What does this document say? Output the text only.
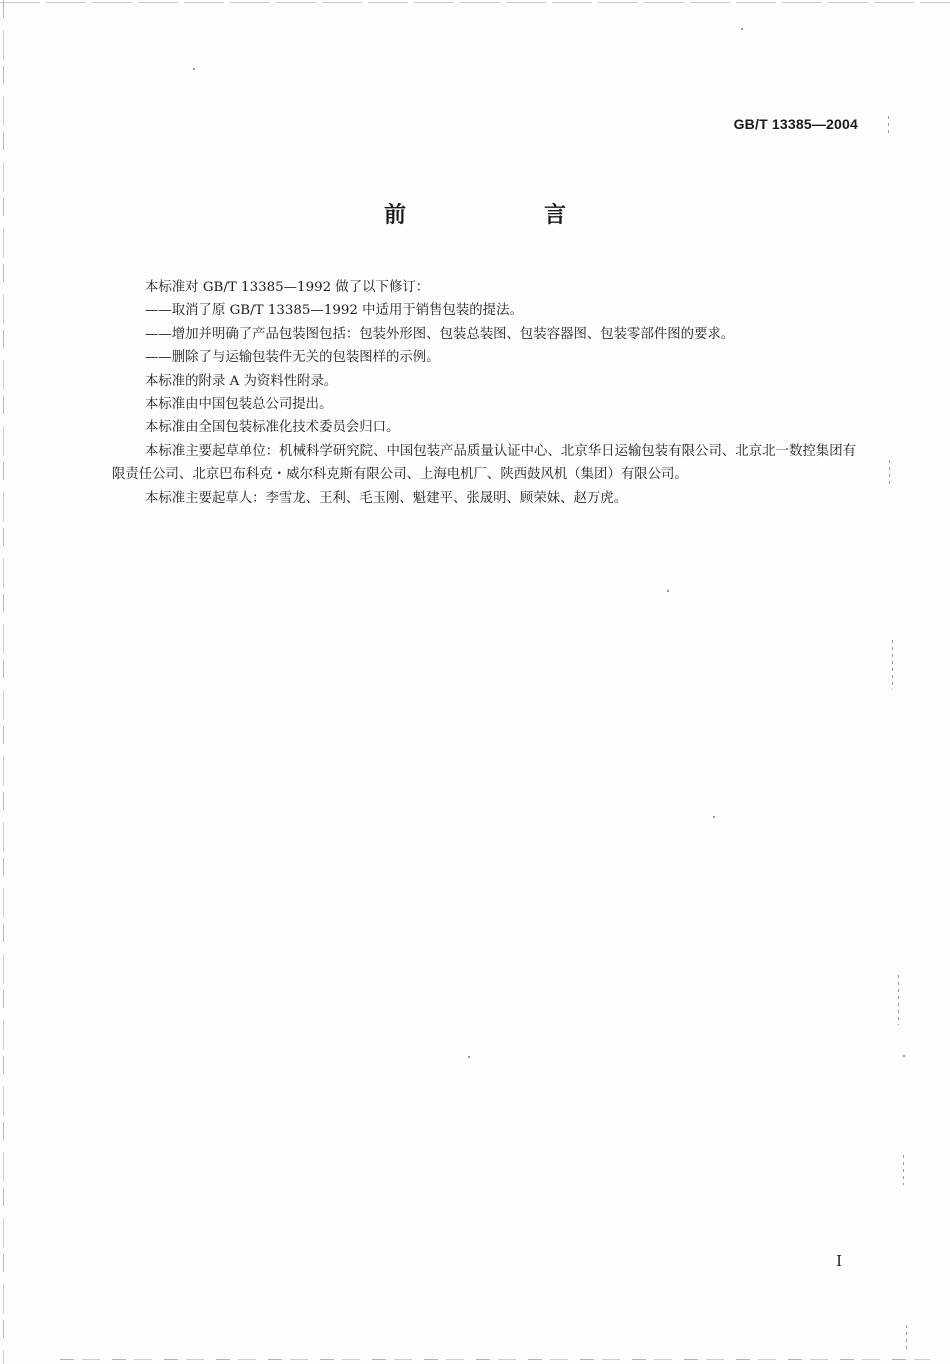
GB/T 13385—2004
前　言

本标准对 GB/T 13385—1992 做了以下修订：

——取消了原 GB/T 13385—1992 中适用于销售包装的提法。

——增加并明确了产品包装图包括：包装外形图、包装总装图、包装容器图、包装零部件图的要求。

——删除了与运输包装件无关的包装图样的示例。

本标准的附录 A 为资料性附录。

本标准由中国包装总公司提出。

本标准由全国包装标准化技术委员会归口。

本标准主要起草单位：机械科学研究院、中国包装产品质量认证中心、北京华日运输包装有限公司、北京北一数控集团有限责任公司、北京巴布科克・威尔科克斯有限公司、上海电机厂、陕西鼓风机（集团）有限公司。

本标准主要起草人：李雪龙、王利、毛玉刚、魁建平、张晟明、顾荣妹、赵万虎。

I
